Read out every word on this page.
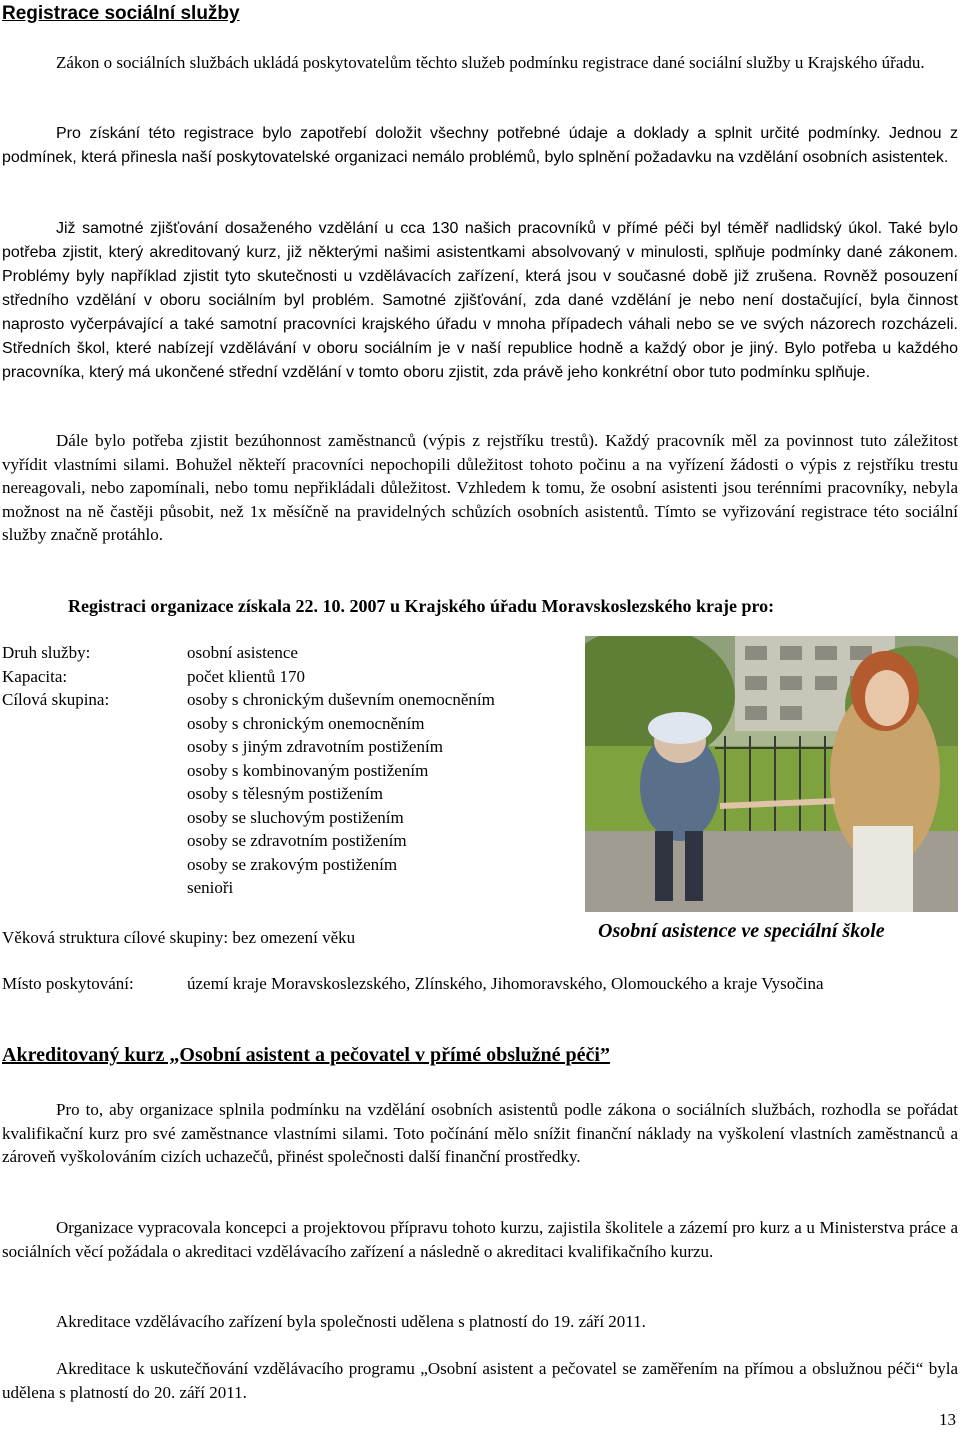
Registrace sociální služby

Zákon o sociálních službách ukládá poskytovatelům těchto služeb podmínku registrace dané sociální služby u Krajského úřadu.

Pro získání této registrace bylo zapotřebí doložit všechny potřebné údaje a doklady a splnit určité podmínky. Jednou z podmínek, která přinesla naší poskytovatelské organizaci nemálo problémů, bylo splnění požadavku na vzdělání osobních asistentek.

Již samotné zjišťování dosaženého vzdělání u cca 130 našich pracovníků v přímé péči byl téměř nadlidský úkol. Také bylo potřeba zjistit, který akreditovaný kurz, již některými našimi asistentkami absolvovaný v minulosti, splňuje podmínky dané zákonem. Problémy byly například zjistit tyto skutečnosti u vzdělávacích zařízení, která jsou v současné době již zrušena. Rovněž posouzení středního vzdělání v oboru sociálním byl problém. Samotné zjišťování, zda dané vzdělání je nebo není dostačující, byla činnost naprosto vyčerpávající a také samotní pracovníci krajského úřadu v mnoha případech váhali nebo se ve svých názorech rozcházeli. Středních škol, které nabízejí vzdělávání v oboru sociálním je v naší republice hodně a každý obor je jiný. Bylo potřeba u každého pracovníka, který má ukončené střední vzdělání v tomto oboru zjistit, zda právě jeho konkrétní obor tuto podmínku splňuje.

Dále bylo potřeba zjistit bezúhonnost zaměstnanců (výpis z rejstříku trestů). Každý pracovník měl za povinnost tuto záležitost vyřídit vlastními silami. Bohužel někteří pracovníci nepochopili důležitost tohoto počinu a na vyřízení žádosti o výpis z rejstříku trestu nereagovali, nebo zapomínali, nebo tomu nepřikládali důležitost. Vzhledem k tomu, že osobní asistenti jsou terénními pracovníky, nebyla možnost na ně častěji působit, než 1x měsíčně na pravidelných schůzích osobních asistentů. Tímto se vyřizování registrace této sociální služby značně protáhlo.

Registraci organizace získala 22. 10. 2007 u Krajského úřadu Moravskoslezského kraje pro:
Druh služby:	osobní asistence
Kapacita:	počet klientů 170
Cílová skupina:	osoby s chronickým duševním onemocněním
osoby s chronickým onemocněním
osoby s jiným zdravotním postižením
osoby s kombinovaným postižením
osoby s tělesným postižením
osoby se sluchovým postižením
osoby se zdravotním postižením
osoby se zrakovým postižením
senioři
Osobní asistence ve speciální škole
Věková struktura cílové skupiny: bez omezení věku
Místo poskytování:	území kraje Moravskoslezského, Zlínského, Jihomoravského, Olomouckého a kraje Vysočina
Akreditovaný kurz „Osobní asistent a pečovatel v přímé obslužné péči”

Pro to, aby organizace splnila podmínku na vzdělání osobních asistentů podle zákona o sociálních službách, rozhodla se pořádat kvalifikační kurz pro své zaměstnance vlastními silami. Toto počínání mělo snížit finanční náklady na vyškolení vlastních zaměstnanců a zároveň vyškolováním cizích uchazečů, přinést společnosti další finanční prostředky.

Organizace vypracovala koncepci a projektovou přípravu tohoto kurzu, zajistila školitele a zázemí pro kurz a u Ministerstva práce a sociálních věcí požádala o akreditaci vzdělávacího zařízení a následně o akreditaci kvalifikačního kurzu.

Akreditace vzdělávacího zařízení byla společnosti udělena s platností do 19. září 2011.

Akreditace k uskutečňování vzdělávacího programu „Osobní asistent a pečovatel se zaměřením na přímou a obslužnou péči“ byla udělena s platností do 20. září 2011.

13
